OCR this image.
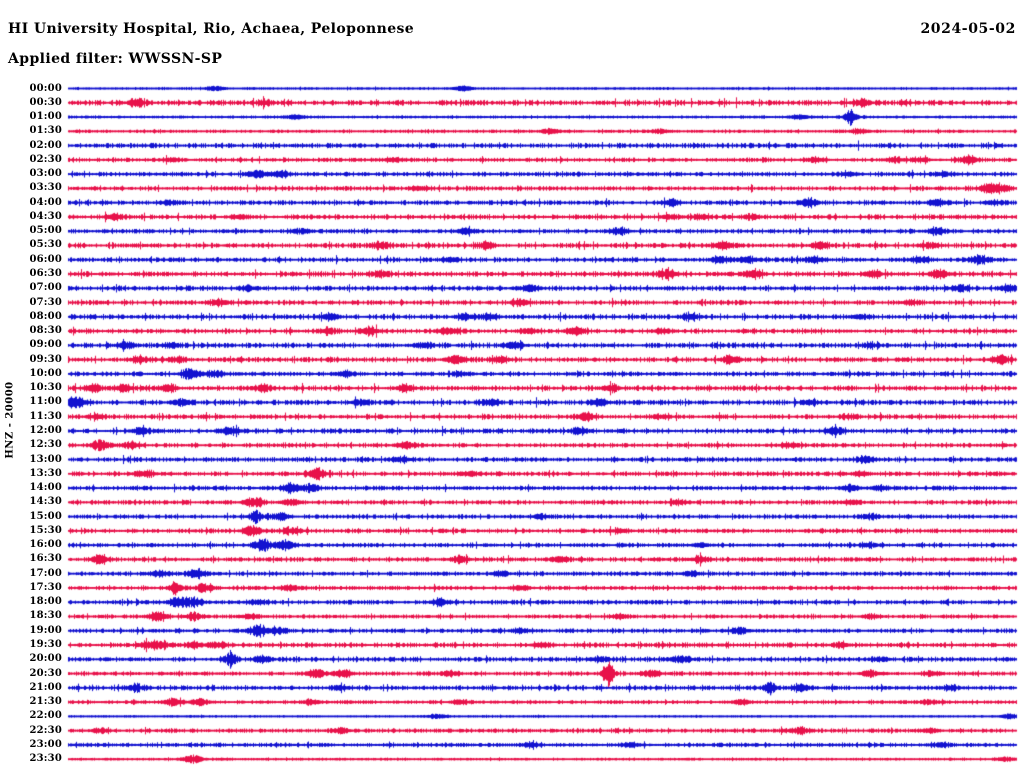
HI University Hospital, Rio, Achaea, Peloponnese	2024-05-02
Applied filter: WWSSN-SP
HNZ - 20000
00:00
00:30
01:00
01:30
02:00
02:30
03:00
03:30
04:00
04:30
05:00
05:30
06:00
06:30
07:00
07:30
08:00
08:30
09:00
09:30
10:00
10:30
11:00
11:30
12:00
12:30
13:00
13:30
14:00
14:30
15:00
15:30
16:00
16:30
17:00
17:30
18:00
18:30
19:00
19:30
20:00
20:30
21:00
21:30
22:00
22:30
23:00
23:30
